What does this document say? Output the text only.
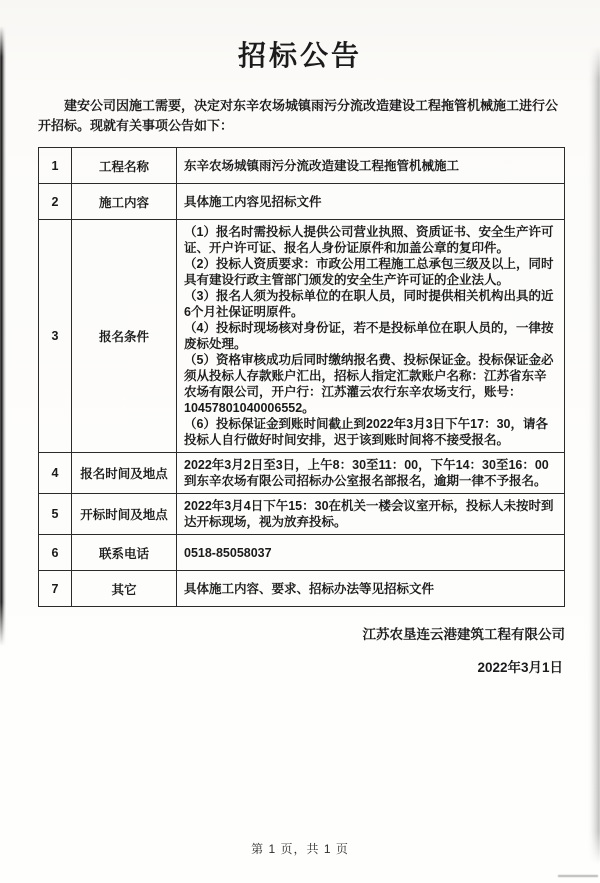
招标公告

建安公司因施工需要，决定对东辛农场城镇雨污分流改造建设工程拖管机械施工进行公开招标。现就有关事项公告如下：

1	工程名称	东辛农场城镇雨污分流改造建设工程拖管机械施工

2	施工内容	具体施工内容见招标文件

3	报名条件	
（1）报名时需投标人提供公司营业执照、资质证书、安全生产许可证、开户许可证、报名人身份证原件和加盖公章的复印件。
（2）投标人资质要求：市政公用工程施工总承包三级及以上，同时具有建设行政主管部门颁发的安全生产许可证的企业法人。
（3）报名人须为投标单位的在职人员，同时提供相关机构出具的近6个月社保证明原件。
（4）投标时现场核对身份证，若不是投标单位在职人员的，一律按废标处理。
（5）资格审核成功后同时缴纳报名费、投标保证金。投标保证金必须从投标人存款账户汇出，招标人指定汇款账户名称：江苏省东辛农场有限公司，开户行：江苏灌云农行东辛农场支行，账号：10457801040006552。
（6）投标保证金到账时间截止到2022年3月3日下午17：30，请各投标人自行做好时间安排，迟于该到账时间将不接受报名。

4	报名时间及地点	2022年3月2日至3日，上午8：30至11：00，下午14：30至16：00到东辛农场有限公司招标办公室报名部报名，逾期一律不予报名。

5	开标时间及地点	2022年3月4日下午15：30在机关一楼会议室开标，投标人未按时到达开标现场，视为放弃投标。

6	联系电话	0518-85058037

7	其它	具体施工内容、要求、招标办法等见招标文件
江苏农垦连云港建筑工程有限公司
2022年3月1日
第 1 页，共 1 页
